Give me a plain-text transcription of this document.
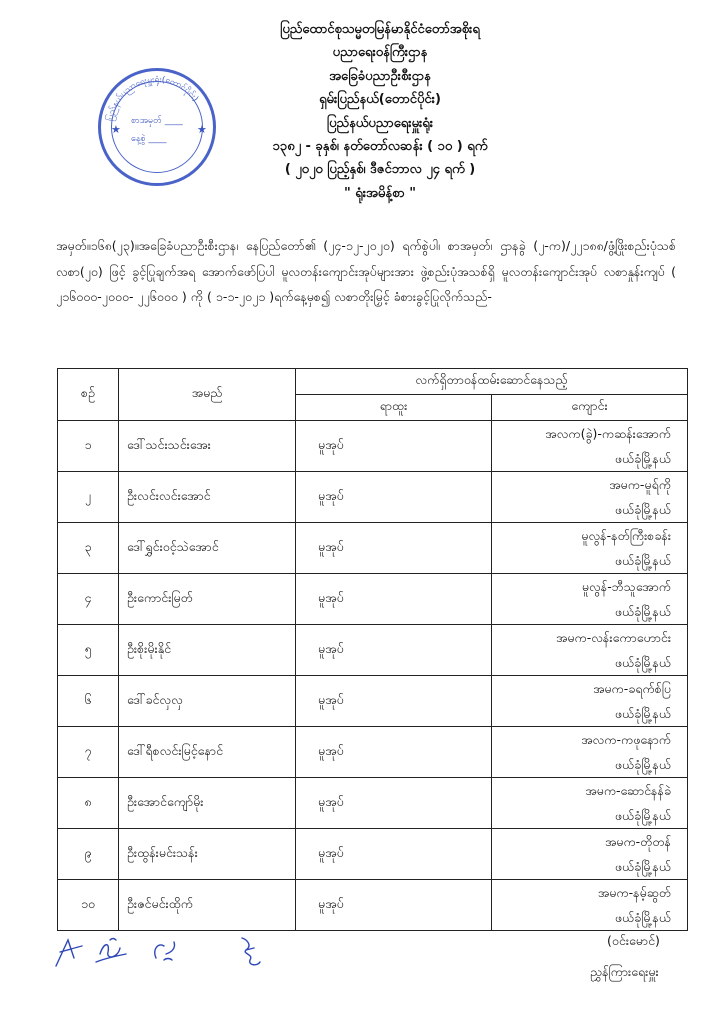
ပြည်ထောင်စုသမ္မတမြန်မာနိုင်ငံတော်အစိုးရ
ပညာရေးဝန်ကြီးဌာန
အခြေခံပညာဦးစီးဌာန
ရှမ်းပြည်နယ်(တောင်ပိုင်း)
ပြည်နယ်ပညာရေးမှူးရုံး
၁၃၈၂ - ခုနှစ်၊ နတ်တော်လဆန်း ( ၁၀ ) ရက်
( ၂၀၂၀ ပြည့်နှစ်၊ ဒီဇင်ဘာလ ၂၄ ရက် )
" ရုံးအမိန့်စာ "
ပြည်နယ်ပညာရေးမှူးရုံး(တောင်ပိုင်း)
★	★
စာအမှတ် ____
နေ့စွဲ ____
အမှတ်။၁၆၈(၂၃)။အခြေခံပညာဦးစီးဌာန၊ နေပြည်တော်၏ (၂၄-၁၂-၂၀၂၀) ရက်စွဲပါ၊ စာအမှတ်၊ ဌာနခွဲ (၂-က)/၂၂၁၈၈/ဖွံ့ဖြိုးစည်းပုံသစ်လစာ(၂၀) ဖြင့် ခွင့်ပြုချက်အရ အောက်ဖော်ပြပါ မူလတန်းကျောင်းအုပ်များအား ဖွဲ့စည်းပုံအသစ်ရှိ မူလတန်းကျောင်းအုပ် လစာနှုန်းကျပ် ( ၂၁၆၀၀၀-၂၀၀၀- ၂၂၆၀၀၀ ) ကို ( ၁-၁-၂၀၂၁ )ရက်နေ့မှစ၍ လစာတိုးမြှင့် ခံစားခွင့်ပြုလိုက်သည်-
စဉ်	အမည်	လက်ရှိတာဝန်ထမ်းဆောင်နေသည့်	
		ရာထူး	ကျောင်း
၁	ဒေါ်သင်းသင်းအေး	မူအုပ်	အလက(ခွဲ)-ကဆန်းအောက်
ဖယ်ခုံမြို့နယ်

၂	ဦးလင်းလင်းအောင်	မူအုပ်	အမက-မူရ်ကို
ဖယ်ခုံမြို့နယ်

၃	ဒေါ်ရွှင်းဝင့်သဲအောင်	မူအုပ်	မူလွန်-နတ်ကြီးစခန်း
ဖယ်ခုံမြို့နယ်

၄	ဦးကောင်းမြတ်	မူအုပ်	မူလွန်-ဘီသူအောက်
ဖယ်ခုံမြို့နယ်

၅	ဦးစိုးမိုးနိုင်	မူအုပ်	အမက-လန်းကောဟောင်း
ဖယ်ခုံမြို့နယ်

၆	ဒေါ်ခင်လှလှ	မူအုပ်	အမက-ခရက်စ်ပြ
ဖယ်ခုံမြို့နယ်

၇	ဒေါ်ရီစလင်းမြင့်နောင်	မူအုပ်	အလက-ကဖုနောက်
ဖယ်ခုံမြို့နယ်

၈	ဦးအောင်ကျော်မိုး	မူအုပ်	အမက-ဆောင်နန်ခဲ
ဖယ်ခုံမြို့နယ်

၉	ဦးထွန်းမင်းသန်း	မူအုပ်	အမက-တိုတန်
ဖယ်ခုံမြို့နယ်

၁၀	ဦးဇင်မင်းထိုက်	မူအုပ်	အမက-နမ့်ဆွတ်
ဖယ်ခုံမြို့နယ်
(ဝင်းမောင်)
ညွှန်ကြားရေးမှူး
